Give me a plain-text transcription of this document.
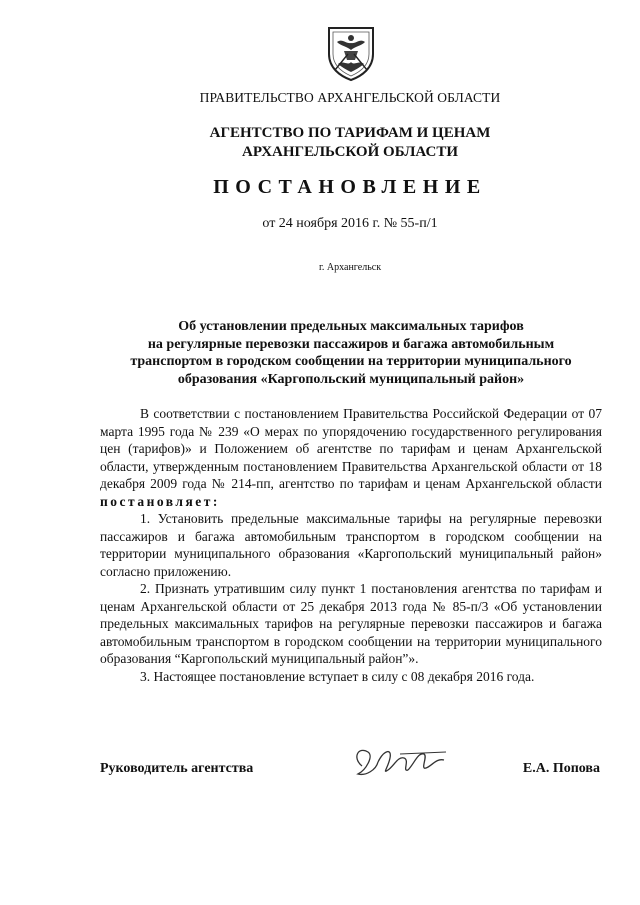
ПРАВИТЕЛЬСТВО АРХАНГЕЛЬСКОЙ ОБЛАСТИ
АГЕНТСТВО ПО ТАРИФАМ И ЦЕНАМ
АРХАНГЕЛЬСКОЙ ОБЛАСТИ
ПОСТАНОВЛЕНИЕ
от 24 ноября 2016 г. № 55-п/1
г. Архангельск
Об установлении предельных максимальных тарифов
на регулярные перевозки пассажиров и багажа автомобильным
транспортом в городском сообщении на территории муниципального
образования «Каргопольский муниципальный район»

В соответствии с постановлением Правительства Российской Федерации от 07 марта 1995 года № 239 «О мерах по упорядочению государственного регулирования цен (тарифов)» и Положением об агентстве по тарифам и ценам Архангельской области, утвержденным постановлением Правительства Архангельской области от 18 декабря 2009 года № 214-пп, агентство по тарифам и ценам Архангельской области постановляет:

1. Установить предельные максимальные тарифы на регулярные перевозки пассажиров и багажа автомобильным транспортом в городском сообщении на территории муниципального образования «Каргопольский муниципальный район» согласно приложению.

2. Признать утратившим силу пункт 1 постановления агентства по тарифам и ценам Архангельской области от 25 декабря 2013 года № 85-п/3 «Об установлении предельных максимальных тарифов на регулярные перевозки пассажиров и багажа автомобильным транспортом в городском сообщении на территории муниципального образования “Каргопольский муниципальный район”».

3. Настоящее постановление вступает в силу с 08 декабря 2016 года.

Руководитель агентства	Е.А. Попова
